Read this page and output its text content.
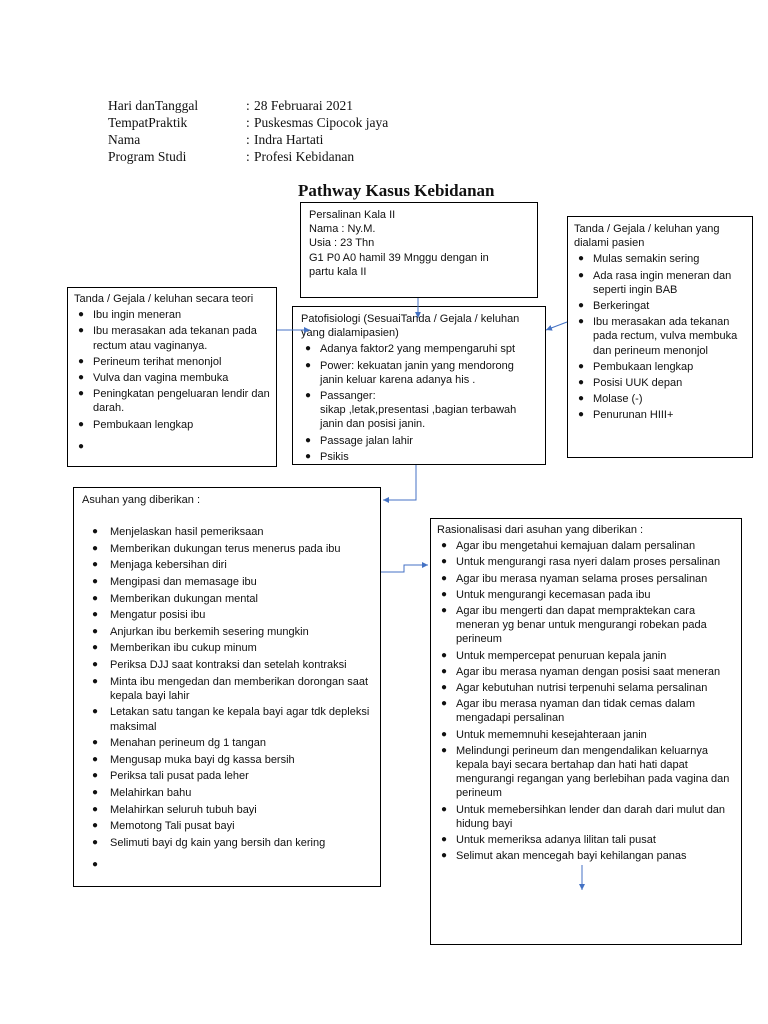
Hari danTanggal	: 28 Februarai 2021
TempatPraktik	: Puskesmas Cipocok jaya
Nama	: Indra Hartati
Program Studi	: Profesi Kebidanan
Pathway Kasus Kebidanan
Persalinan Kala II
Nama : Ny.M.
Usia : 23 Thn
G1 P0 A0 hamil 39 Mnggu dengan in
partu kala II
Tanda / Gejala / keluhan secara teori
● Ibu ingin meneran
● Ibu merasakan ada tekanan pada rectum atau vaginanya.
● Perineum terihat menonjol
● Vulva dan vagina membuka
● Peningkatan pengeluaran lendir dan darah.
● Pembukaan lengkap
●
Patofisiologi (SesuaiTanda / Gejala / keluhan yang dialamipasien)
● Adanya faktor2 yang mempengaruhi spt
● Power: kekuatan janin yang mendorong janin keluar karena adanya his .
● Passanger:
sikap ,letak,presentasi ,bagian terbawah janin dan posisi janin.
● Passage jalan lahir
● Psikis
Tanda / Gejala / keluhan yang dialami pasien
● Mulas semakin sering
● Ada rasa ingin meneran dan seperti ingin BAB
● Berkeringat
● Ibu merasakan ada tekanan pada rectum, vulva membuka dan perineum menonjol
● Pembukaan lengkap
● Posisi UUK depan
● Molase (-)
● Penurunan HIII+
Asuhan yang diberikan :
● Menjelaskan hasil pemeriksaan
● Memberikan dukungan terus menerus pada ibu
● Menjaga kebersihan diri
● Mengipasi dan memasage ibu
● Memberikan dukungan mental
● Mengatur posisi ibu
● Anjurkan ibu berkemih sesering mungkin
● Memberikan ibu cukup minum
● Periksa DJJ saat kontraksi dan setelah kontraksi
● Minta ibu mengedan dan memberikan dorongan saat kepala bayi lahir
● Letakan satu tangan ke kepala bayi agar tdk depleksi maksimal
● Menahan perineum dg 1 tangan
● Mengusap muka bayi dg kassa bersih
● Periksa tali pusat pada leher
● Melahirkan bahu
● Melahirkan seluruh tubuh bayi
● Memotong Tali pusat bayi
● Selimuti bayi dg kain yang bersih dan kering
●
Rasionalisasi dari asuhan yang diberikan :
● Agar ibu mengetahui kemajuan dalam persalinan
● Untuk mengurangi rasa nyeri dalam proses persalinan
● Agar ibu merasa nyaman selama proses persalinan
● Untuk mengurangi kecemasan pada ibu
● Agar ibu mengerti dan dapat mempraktekan cara meneran yg benar untuk mengurangi robekan pada perineum
● Untuk mempercepat penuruan kepala janin
● Agar ibu merasa nyaman dengan posisi saat meneran
● Agar kebutuhan nutrisi terpenuhi selama persalinan
● Agar ibu merasa nyaman dan tidak cemas dalam mengadapi persalinan
● Untuk mememnuhi kesejahteraan janin
● Melindungi perineum dan mengendalikan keluarnya kepala bayi secara bertahap dan hati hati dapat mengurangi regangan yang berlebihan pada vagina dan perineum
● Untuk memebersihkan lender dan darah dari mulut dan hidung bayi
● Untuk memeriksa adanya lilitan tali pusat
● Selimut akan mencegah bayi kehilangan panas
